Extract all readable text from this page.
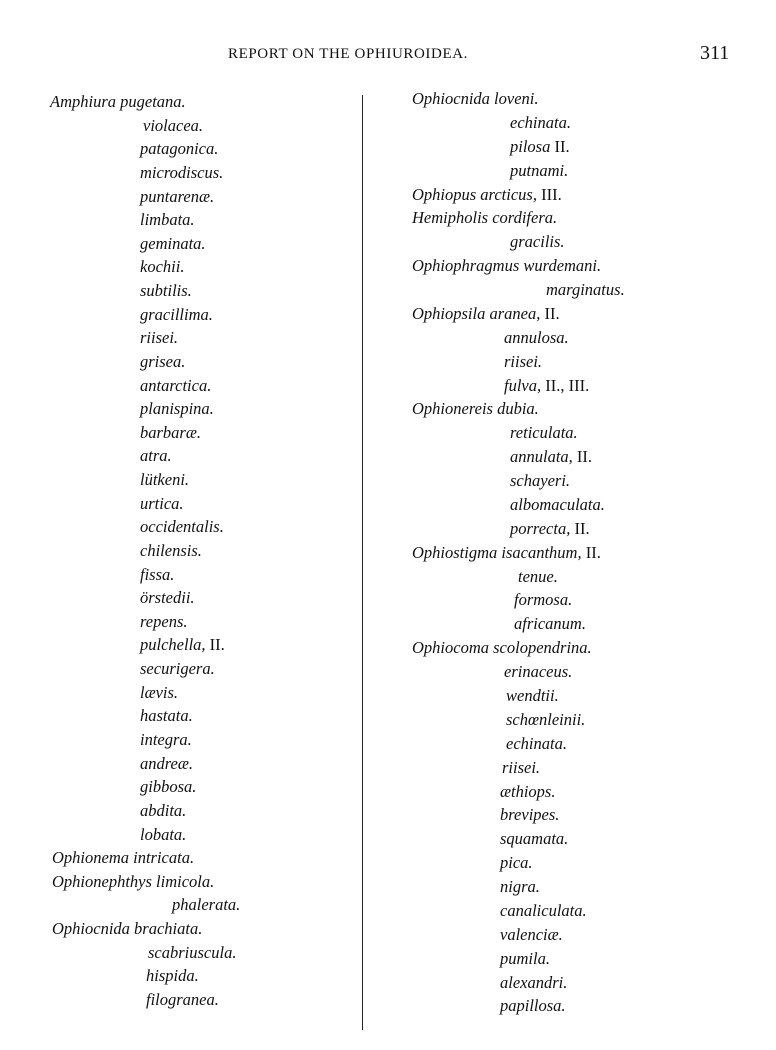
REPORT ON THE OPHIUROIDEA.	311
Amphiura pugetana.
violacea.
patagonica.
microdiscus.
puntarenæ.
limbata.
geminata.
kochii.
subtilis.
gracillima.
riisei.
grisea.
antarctica.
planispina.
barbaræ.
atra.
lütkeni.
urtica.
occidentalis.
chilensis.
fissa.
örstedii.
repens.
pulchella, II.
securigera.
lævis.
hastata.
integra.
andreæ.
gibbosa.
abdita.
lobata.
Ophionema intricata.
Ophionephthys limicola.
phalerata.
Ophiocnida brachiata.
scabriuscula.
hispida.
filogranea.
Ophiocnida loveni.
echinata.
pilosa II.
putnami.
Ophiopus arcticus, III.
Hemipholis cordifera.
gracilis.
Ophiophragmus wurdemani.
marginatus.
Ophiopsila aranea, II.
annulosa.
riisei.
fulva, II., III.
Ophionereis dubia.
reticulata.
annulata, II.
schayeri.
albomaculata.
porrecta, II.
Ophiostigma isacanthum, II.
tenue.
formosa.
africanum.
Ophiocoma scolopendrina.
erinaceus.
wendtii.
schœnleinii.
echinata.
riisei.
æthiops.
brevipes.
squamata.
pica.
nigra.
canaliculata.
valenciæ.
pumila.
alexandri.
papillosa.
